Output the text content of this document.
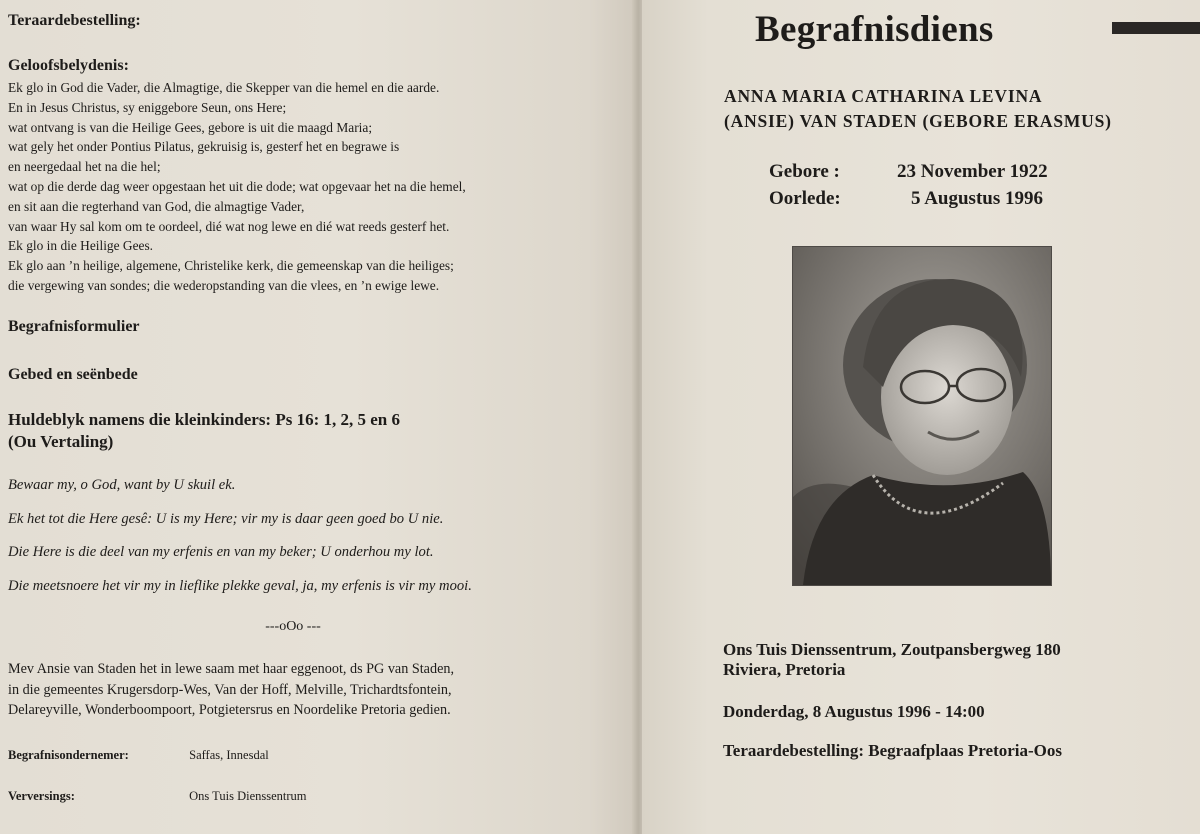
Teraardebestelling:

Geloofsbelydenis:

Ek glo in God die Vader, die Almagtige, die Skepper van die hemel en die aarde.
En in Jesus Christus, sy eniggebore Seun, ons Here;
wat ontvang is van die Heilige Gees, gebore is uit die maagd Maria;
wat gely het onder Pontius Pilatus, gekruisig is, gesterf het en begrawe is
en neergedaal het na die hel;
wat op die derde dag weer opgestaan het uit die dode; wat opgevaar het na die hemel,
en sit aan die regterhand van God, die almagtige Vader,
van waar Hy sal kom om te oordeel, dié wat nog lewe en dié wat reeds gesterf het.
Ek glo in die Heilige Gees.
Ek glo aan ’n heilige, algemene, Christelike kerk, die gemeenskap van die heiliges;
die vergewing van sondes; die wederopstanding van die vlees, en ’n ewige lewe.

Begrafnisformulier

Gebed en seënbede

Huldeblyk namens die kleinkinders: Ps 16: 1, 2, 5 en 6

(Ou Vertaling)

Bewaar my, o God, want by U skuil ek.

Ek het tot die Here gesê: U is my Here; vir my is daar geen goed bo U nie.

Die Here is die deel van my erfenis en van my beker; U onderhou my lot.

Die meetsnoere het vir my in lieflike plekke geval, ja, my erfenis is vir my mooi.

---oOo ---
Mev Ansie van Staden het in lewe saam met haar eggenoot, ds PG van Staden,
in die gemeentes Krugersdorp-Wes, Van der Hoff, Melville, Trichardtsfontein,
Delareyville, Wonderboompoort, Potgietersrus en Noordelike Pretoria gedien.
Begrafnisondernemer:	Saffas, Innesdal
Verversings:	Ons Tuis Dienssentrum
Begrafnisdiens
ANNA MARIA CATHARINA LEVINA
(ANSIE) VAN STADEN (GEBORE ERASMUS)
Gebore :	23 November 1922
Oorlede:	5 Augustus 1996
Ons Tuis Dienssentrum, Zoutpansbergweg 180
Riviera, Pretoria
Donderdag, 8 Augustus 1996 - 14:00
Teraardebestelling: Begraafplaas Pretoria-Oos
